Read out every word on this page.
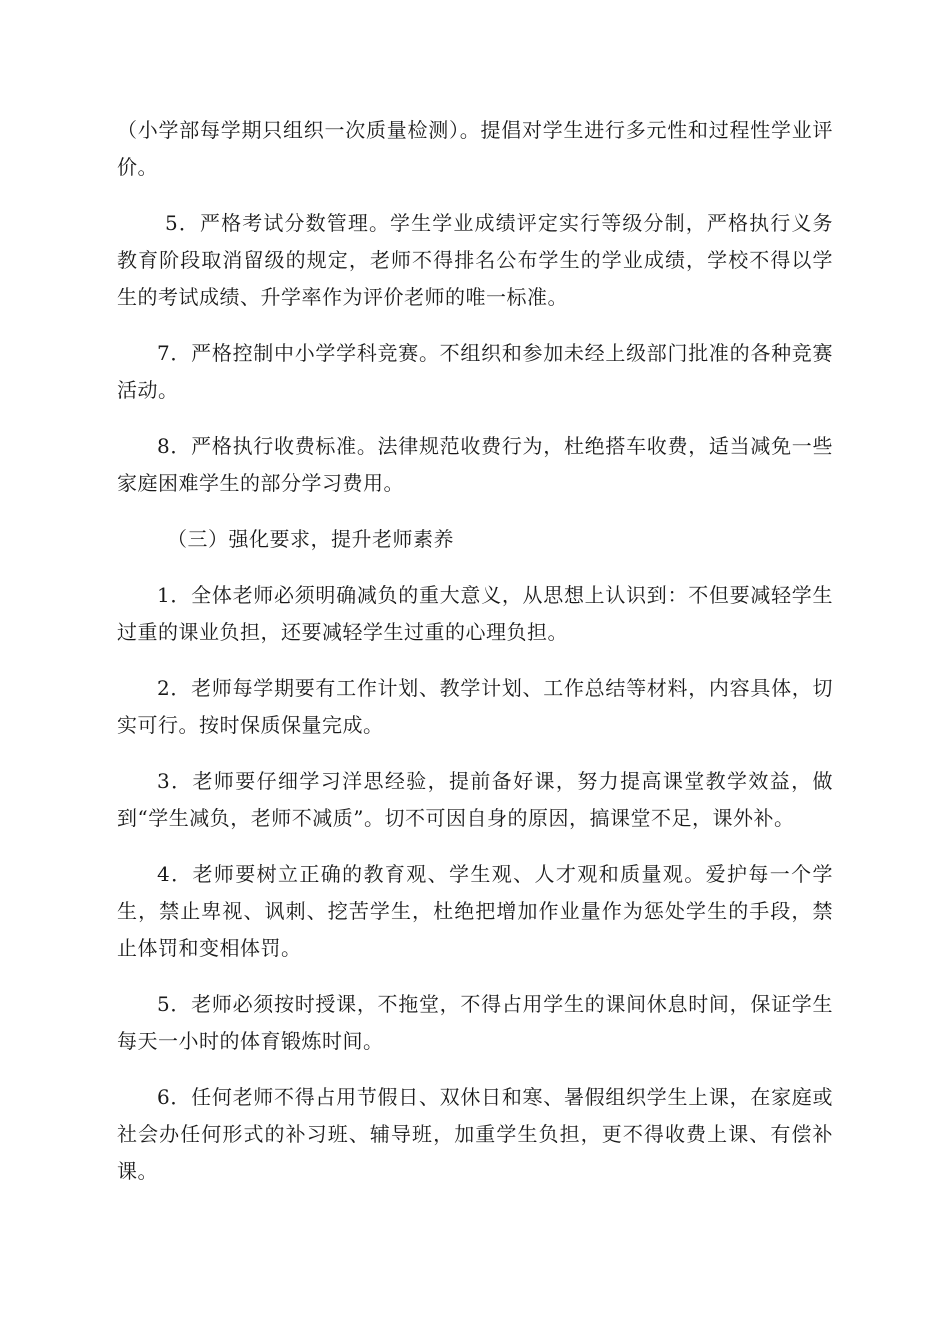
（小学部每学期只组织一次质量检测）。提倡对学生进行多元性和过程性学业评价。

5．严格考试分数管理。学生学业成绩评定实行等级分制，严格执行义务教育阶段取消留级的规定，老师不得排名公布学生的学业成绩，学校不得以学生的考试成绩、升学率作为评价老师的唯一标准。

7．严格控制中小学学科竞赛。不组织和参加未经上级部门批准的各种竞赛活动。

8．严格执行收费标准。法律规范收费行为，杜绝搭车收费，适当减免一些家庭困难学生的部分学习费用。

（三）强化要求，提升老师素养

1．全体老师必须明确减负的重大意义，从思想上认识到：不但要减轻学生过重的课业负担，还要减轻学生过重的心理负担。

2．老师每学期要有工作计划、教学计划、工作总结等材料，内容具体，切实可行。按时保质保量完成。

3．老师要仔细学习洋思经验，提前备好课，努力提高课堂教学效益，做到“学生减负，老师不减质”。切不可因自身的原因，搞课堂不足，课外补。

4．老师要树立正确的教育观、学生观、人才观和质量观。爱护每一个学生，禁止卑视、讽刺、挖苦学生，杜绝把增加作业量作为惩处学生的手段，禁止体罚和变相体罚。

5．老师必须按时授课，不拖堂，不得占用学生的课间休息时间，保证学生每天一小时的体育锻炼时间。

6．任何老师不得占用节假日、双休日和寒、暑假组织学生上课，在家庭或社会办任何形式的补习班、辅导班，加重学生负担，更不得收费上课、有偿补课。
